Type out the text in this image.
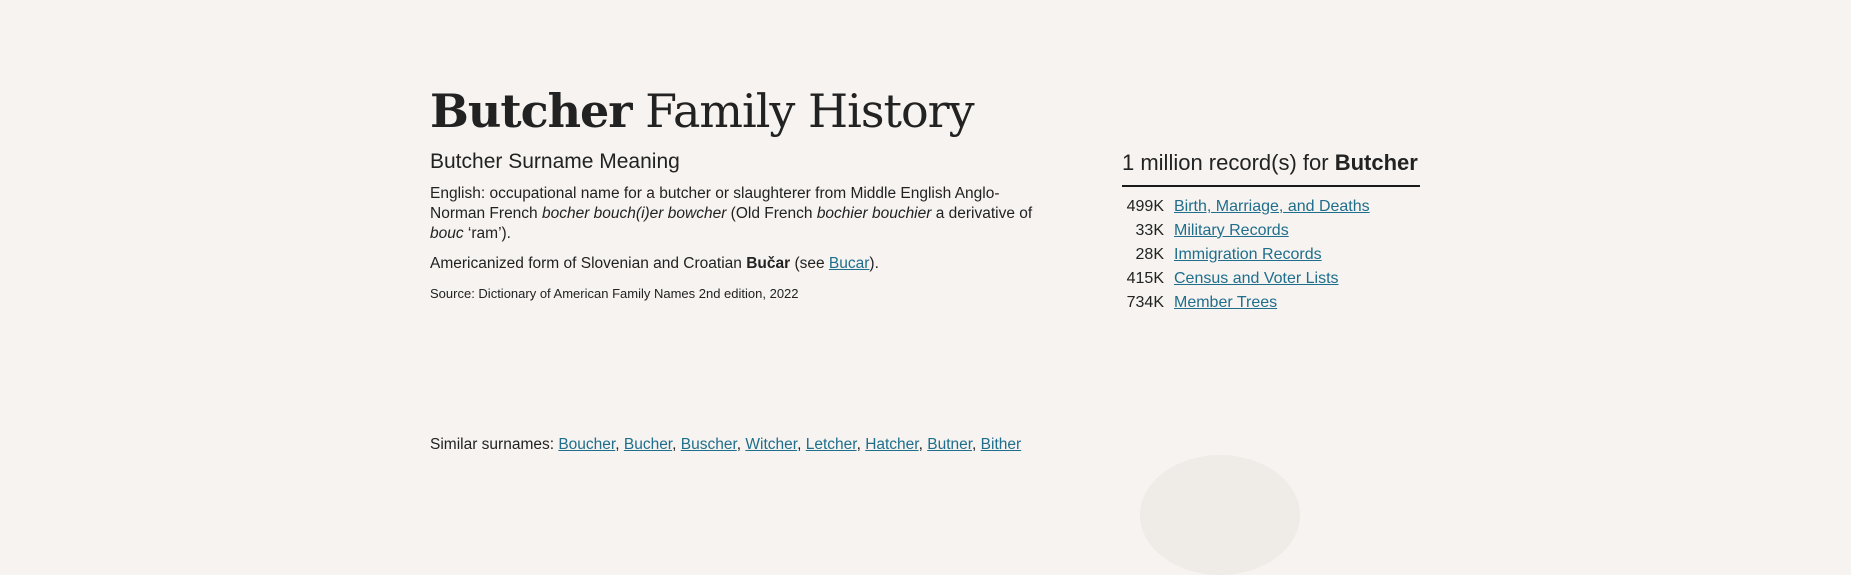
Butcher Family History
Butcher Surname Meaning

English: occupational name for a butcher or slaughterer from Middle English Anglo-Norman French bocher bouch(i)er bowcher (Old French bochier bouchier a derivative of bouc ‘ram’).

Americanized form of Slovenian and Croatian Bučar (see Bucar).

Source: Dictionary of American Family Names 2nd edition, 2022

1 million record(s) for Butcher
499K Birth, Marriage, and Deaths
33K Military Records
28K Immigration Records
415K Census and Voter Lists
734K Member Trees
Similar surnames: Boucher, Bucher, Buscher, Witcher, Letcher, Hatcher, Butner, Bither
